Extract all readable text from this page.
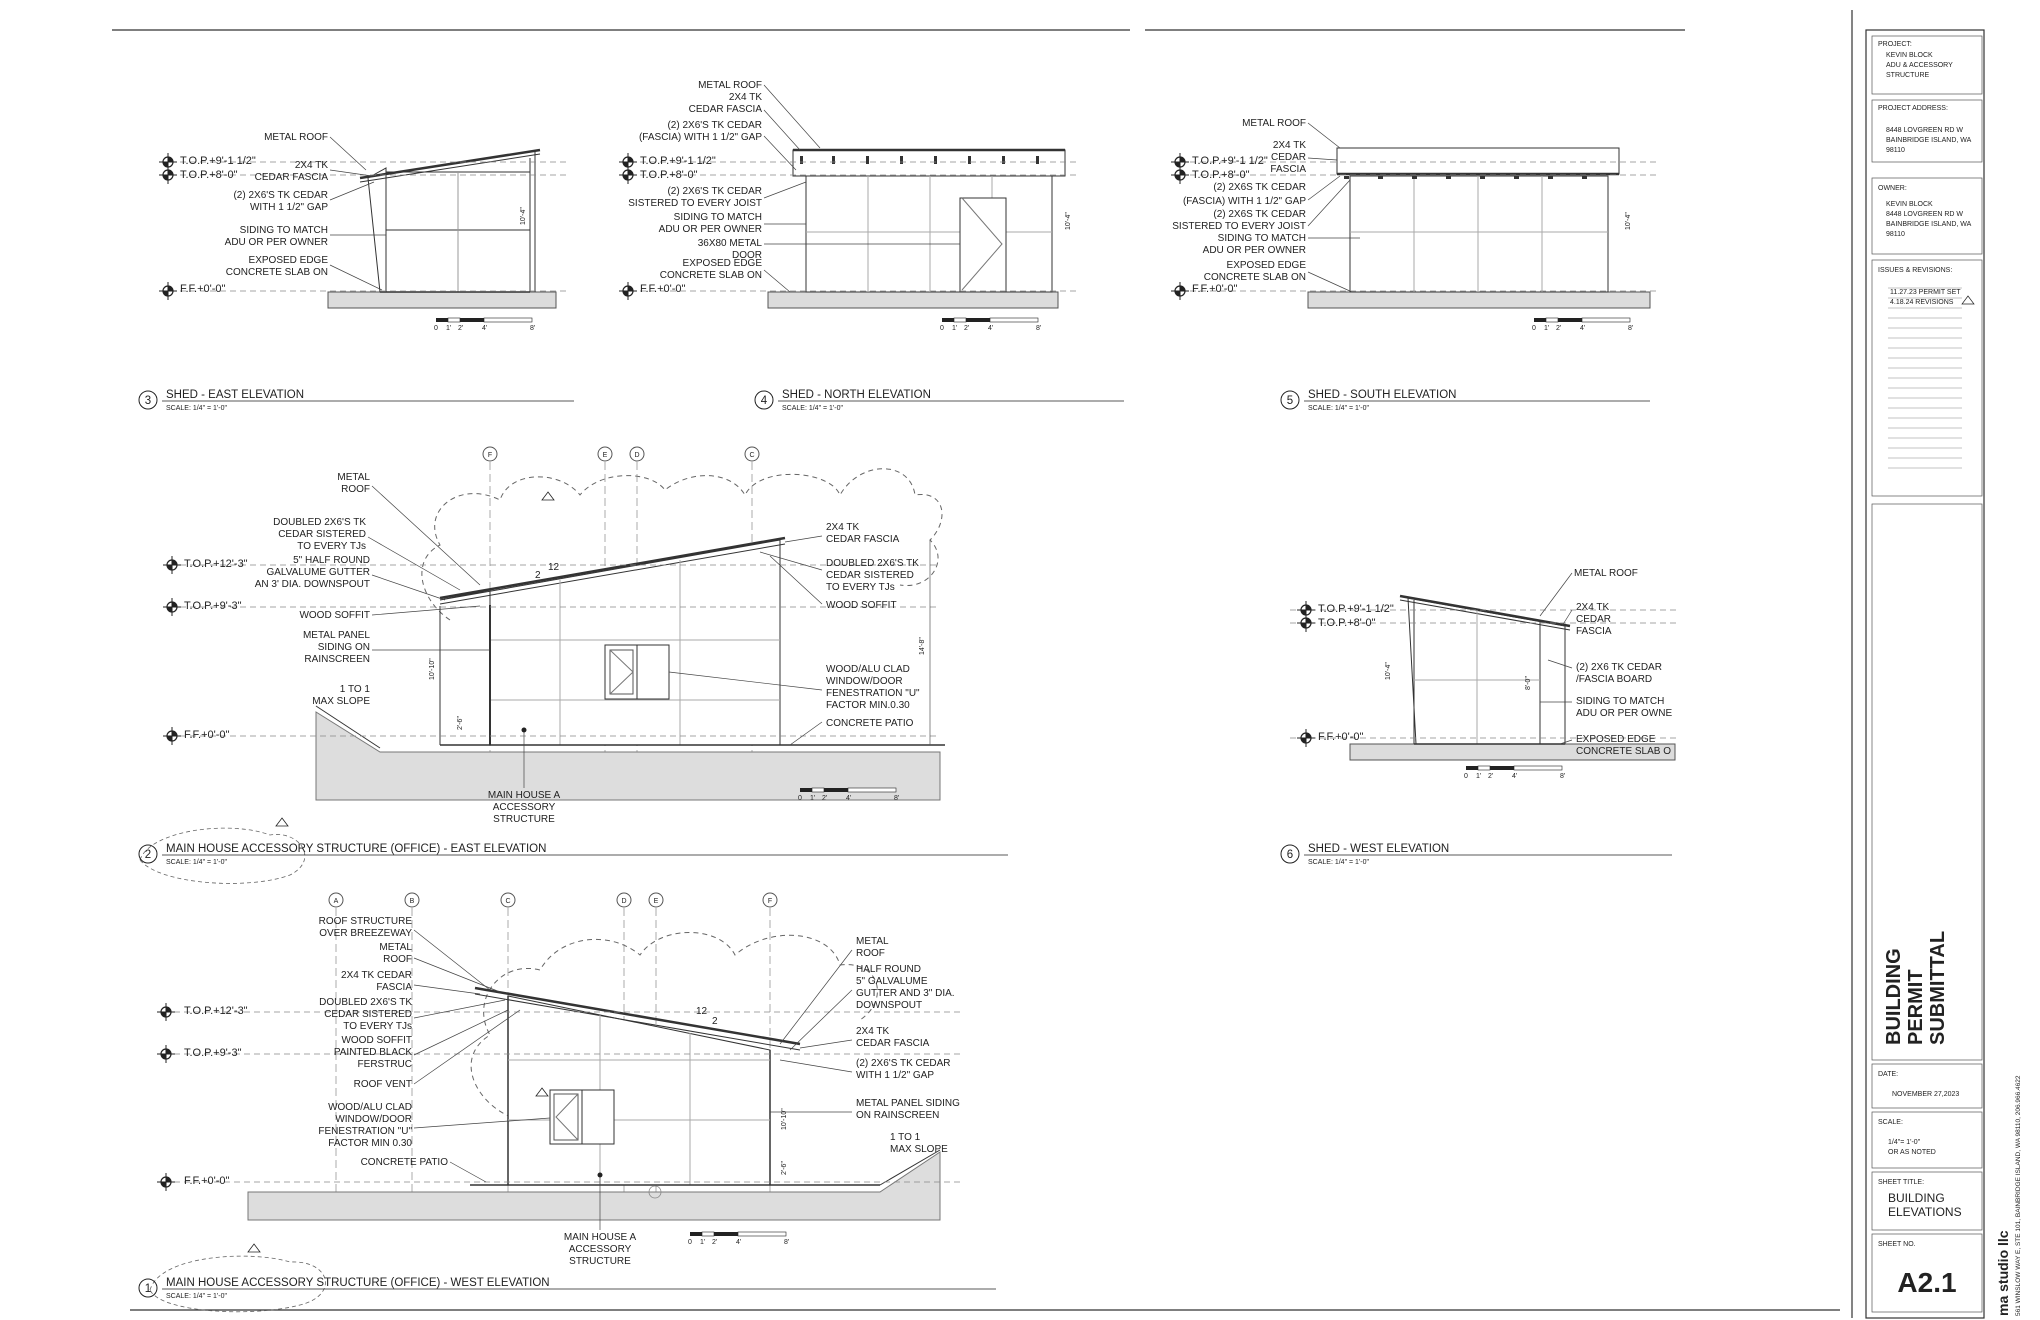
T.O.P.+9'-1 1/2"
T.O.P.+8'-0"
F.F.+0'-0"
METAL ROOF
2X4 TK
CEDAR FASCIA
(2) 2X6'S TK CEDAR
WITH 1 1/2" GAP
SIDING TO MATCH
ADU OR PER OWNER
EXPOSED EDGE
CONCRETE SLAB ON
10'-4"
0 1' 2'	4'	8'
3 SHED - EAST ELEVATION
SCALE: 1/4" = 1'-0"
T.O.P.+9'-1 1/2"
T.O.P.+8'-0"
F.F.+0'-0"
METAL ROOF
2X4 TK
CEDAR FASCIA
(2) 2X6'S TK CEDAR
(FASCIA) WITH 1 1/2" GAP
(2) 2X6'S TK CEDAR
SISTERED TO EVERY JOIST
SIDING TO MATCH
ADU OR PER OWNER
36X80 METAL
DOOR
EXPOSED EDGE
CONCRETE SLAB ON
10'-4"
0 1' 2'	4'	8'
4 SHED - NORTH ELEVATION
SCALE: 1/4" = 1'-0"
T.O.P.+9'-1 1/2"
T.O.P.+8'-0"
F.F.+0'-0"
METAL ROOF
2X4 TK
CEDAR
FASCIA
(2) 2X6S TK CEDAR
(FASCIA) WITH 1 1/2" GAP
(2) 2X6S TK CEDAR
SISTERED TO EVERY JOIST
SIDING TO MATCH
ADU OR PER OWNER
EXPOSED EDGE
CONCRETE SLAB ON
10'-4"
0 1' 2'	4'	8'
5 SHED - SOUTH ELEVATION
SCALE: 1/4" = 1'-0"
F	E	D	C
T.O.P.+12'-3"
T.O.P.+9'-3"
F.F.+0'-0"
12
2
METAL
ROOF
DOUBLED 2X6'S TK
CEDAR SISTERED
TO EVERY TJs
5" HALF ROUND
GALVALUME GUTTER
AN 3' DIA. DOWNSPOUT
WOOD SOFFIT
METAL PANEL
SIDING ON
RAINSCREEN
1 TO 1
MAX SLOPE
2X4 TK
CEDAR FASCIA
DOUBLED 2X6'S TK
CEDAR SISTERED
TO EVERY TJs
WOOD SOFFIT
WOOD/ALU CLAD
WINDOW/DOOR
FENESTRATION "U"
FACTOR MIN.0.30
CONCRETE PATIO
MAIN HOUSE A
ACCESSORY
STRUCTURE
10'-10"
2'-6"
14'-8"
0 1' 2'	4'	8'
2 MAIN HOUSE ACCESSORY STRUCTURE (OFFICE) - EAST ELEVATION
SCALE: 1/4" = 1'-0"
T.O.P.+9'-1 1/2"
T.O.P.+8'-0"
F.F.+0'-0"
METAL ROOF
2X4 TK
CEDAR
FASCIA
(2) 2X6 TK CEDAR
/FASCIA BOARD
SIDING TO MATCH
ADU OR PER OWNE
EXPOSED EDGE
CONCRETE SLAB O
10'-4"
8'-0"
0 1' 2'	4'	8'
6 SHED - WEST ELEVATION
SCALE: 1/4" = 1'-0"
A	B	C	D	E	F
T.O.P.+12'-3"
T.O.P.+9'-3"
F.F.+0'-0"
12
2
ROOF STRUCTURE
OVER BREEZEWAY
METAL
ROOF
2X4 TK CEDAR
FASCIA
DOUBLED 2X6'S TK
CEDAR SISTERED
TO EVERY TJs
WOOD SOFFIT
PAINTED BLACK
FERSTRUC
ROOF VENT
WOOD/ALU CLAD
WINDOW/DOOR
FENESTRATION "U"
FACTOR MIN 0.30
CONCRETE PATIO
METAL
ROOF
HALF ROUND
5" GALVALUME
GUTTER AND 3" DIA.
DOWNSPOUT
2X4 TK
CEDAR FASCIA
(2) 2X6'S TK CEDAR
WITH 1 1/2" GAP
METAL PANEL SIDING
ON RAINSCREEN
1 TO 1
MAX SLOPE
MAIN HOUSE A
ACCESSORY
STRUCTURE
2'-6"
10'-10"
0 1' 2'	4'	8'
1 MAIN HOUSE ACCESSORY STRUCTURE (OFFICE) - WEST ELEVATION
SCALE: 1/4" = 1'-0"
PROJECT:
KEVIN BLOCK
ADU & ACCESSORY
STRUCTURE
PROJECT ADDRESS:
8448 LOVGREEN RD W
BAINBRIDGE ISLAND, WA
98110
OWNER:
KEVIN BLOCK
8448 LOVGREEN RD W
BAINBRIDGE ISLAND, WA
98110
ISSUES & REVISIONS:
11.27.23 PERMIT SET
4.18.24 REVISIONS
BUILDING PERMIT SUBMITTAL
DATE:
NOVEMBER 27,2023
SCALE:
1/4"= 1'-0"
OR AS NOTED
SHEET TITLE:
BUILDING
ELEVATIONS
SHEET NO.
A2.1	ma studio llc 561 WINSLOW WAY E, STE 101, BAINBRIDGE ISLAND, WA 98110, 206.966.4622
